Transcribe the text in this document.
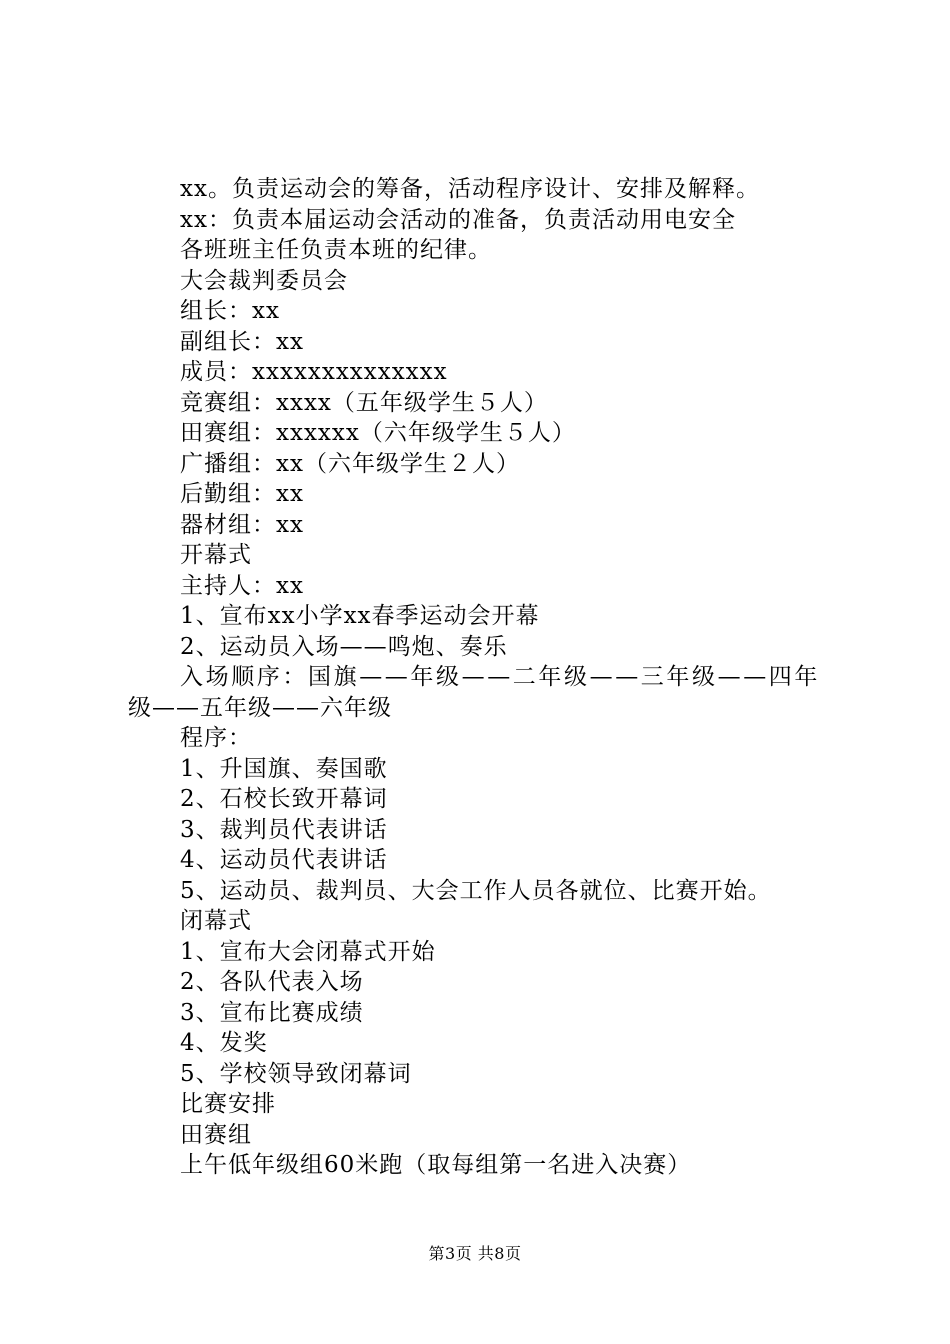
xx。负责运动会的筹备，活动程序设计、安排及解释。
xx：负责本届运动会活动的准备，负责活动用电安全
各班班主任负责本班的纪律。
大会裁判委员会
组长：xx
副组长：xx
成员：xxxxxxxxxxxxxx
竞赛组：xxxx（五年级学生５人）
田赛组：xxxxxx（六年级学生５人）
广播组：xx（六年级学生２人）
后勤组：xx
器材组：xx
开幕式
主持人：xx
1、宣布xx小学xx春季运动会开幕
2、运动员入场——鸣炮、奏乐
入场顺序：国旗——年级——二年级——三年级——四年
级——五年级——六年级
程序：
1、升国旗、奏国歌
2、石校长致开幕词
3、裁判员代表讲话
4、运动员代表讲话
5、运动员、裁判员、大会工作人员各就位、比赛开始。
闭幕式
1、宣布大会闭幕式开始
2、各队代表入场
3、宣布比赛成绩
4、发奖
5、学校领导致闭幕词
比赛安排
田赛组
上午低年级组60米跑（取每组第一名进入决赛）
第3页 共8页
